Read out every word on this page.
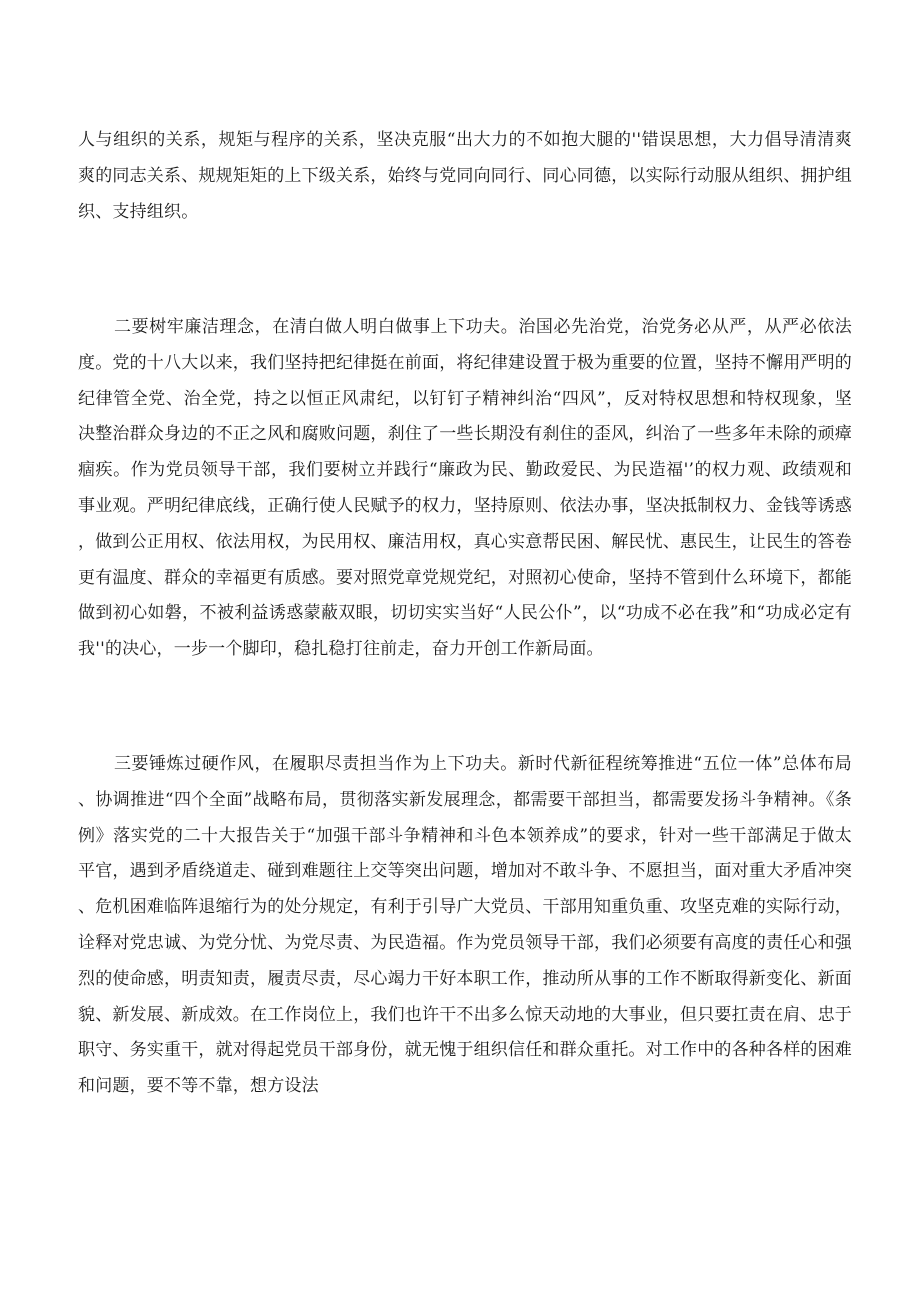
人与组织的关系，规矩与程序的关系，坚决克服“出大力的不如抱大腿的''错误思想，大力倡导清清爽爽的同志关系、规规矩矩的上下级关系，始终与党同向同行、同心同德，以实际行动服从组织、拥护组织、支持组织。

二要树牢廉洁理念，在清白做人明白做事上下功夫。治国必先治党，治党务必从严，从严必依法度。党的十八大以来，我们坚持把纪律挺在前面，将纪律建设置于极为重要的位置，坚持不懈用严明的纪律管全党、治全党，持之以恒正风肃纪，以钉钉子精神纠治“四风”，反对特权思想和特权现象，坚决整治群众身边的不正之风和腐败问题，刹住了一些长期没有刹住的歪风，纠治了一些多年未除的顽瘴痼疾。作为党员领导干部，我们要树立并践行“廉政为民、勤政爱民、为民造福'’的权力观、政绩观和事业观。严明纪律底线，正确行使人民赋予的权力，坚持原则、依法办事，坚决抵制权力、金钱等诱惑，做到公正用权、依法用权，为民用权、廉洁用权，真心实意帮民困、解民忧、惠民生，让民生的答卷更有温度、群众的幸福更有质感。要对照党章党规党纪，对照初心使命，坚持不管到什么环境下，都能做到初心如磐，不被利益诱惑蒙蔽双眼，切切实实当好“人民公仆”，以“功成不必在我”和“功成必定有我''的决心，一步一个脚印，稳扎稳打往前走，奋力开创工作新局面。

三要锤炼过硬作风，在履职尽责担当作为上下功夫。新时代新征程统筹推进“五位一体”总体布局、协调推进“四个全面”战略布局，贯彻落实新发展理念，都需要干部担当，都需要发扬斗争精神。《条例》落实党的二十大报告关于“加强干部斗争精神和斗色本领养成”的要求，针对一些干部满足于做太平官，遇到矛盾绕道走、碰到难题往上交等突出问题，增加对不敢斗争、不愿担当，面对重大矛盾冲突、危机困难临阵退缩行为的处分规定，有利于引导广大党员、干部用知重负重、攻坚克难的实际行动，诠释对党忠诚、为党分忧、为党尽责、为民造福。作为党员领导干部，我们必须要有高度的责任心和强烈的使命感，明责知责，履责尽责，尽心竭力干好本职工作，推动所从事的工作不断取得新变化、新面貌、新发展、新成效。在工作岗位上，我们也许干不出多么惊天动地的大事业，但只要扛责在肩、忠于职守、务实重干，就对得起党员干部身份，就无愧于组织信任和群众重托。对工作中的各种各样的困难和问题，要不等不靠，想方设法
